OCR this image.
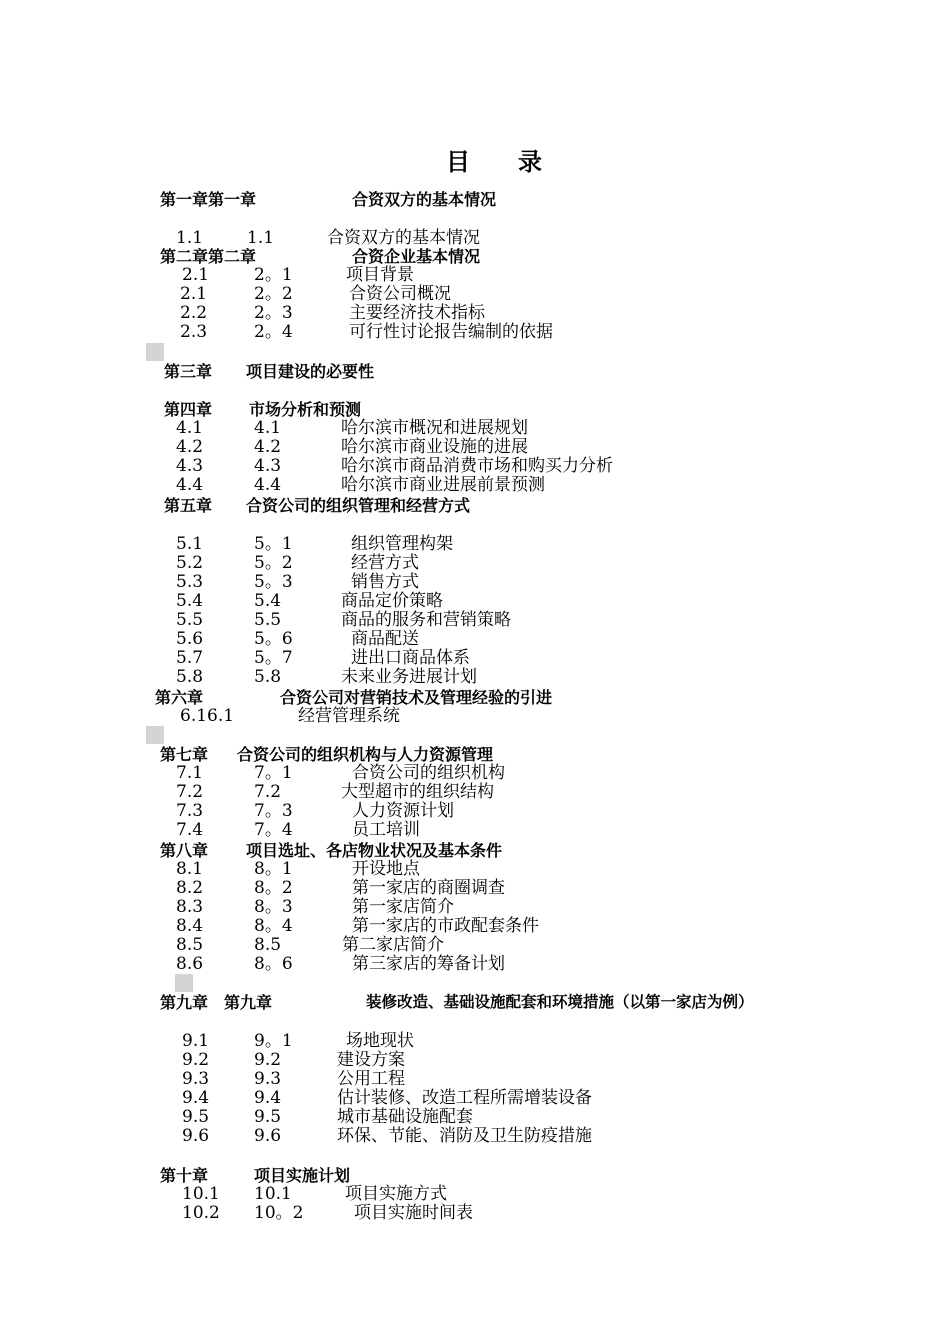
目　　录
第一章第一章	合资双方的基本情况
1.1	1.1	合资双方的基本情况
第二章第二章	合资企业基本情况
2.1	2。1	项目背景
2.1	2。2	合资公司概况
2.2	2。3	主要经济技术指标
2.3	2。4	可行性讨论报告编制的依据
第三章 项目建设的必要性
第四章 市场分析和预测
4.1	4.1	哈尔滨市概况和进展规划
4.2	4.2	哈尔滨市商业设施的进展
4.3	4.3	哈尔滨市商品消费市场和购买力分析
4.4	4.4	哈尔滨市商业进展前景预测
第五章 合资公司的组织管理和经营方式
5.1	5。1	组织管理构架
5.2	5。2	经营方式
5.3	5。3	销售方式
5.4	5.4	商品定价策略
5.5	5.5	商品的服务和营销策略
5.6	5。6	商品配送
5.7	5。7	进出口商品体系
5.8	5.8	未来业务进展计划
第六章	合资公司对营销技术及管理经验的引进
6.16.1	经营管理系统
第七章 合资公司的组织机构与人力资源管理
7.1	7。1	合资公司的组织机构
7.2	7.2	大型超市的组织结构
7.3	7。3	人力资源计划
7.4	7。4	员工培训
第八章 项目选址、各店物业状况及基本条件
8.1	8。1	开设地点
8.2	8。2	第一家店的商圈调查
8.3	8。3	第一家店简介
8.4	8。4	第一家店的市政配套条件
8.5	8.5	第二家店简介
8.6	8。6	第三家店的筹备计划
第九章　第九章	装修改造、基础设施配套和环境措施（以第一家店为例）
9.1	9。1	场地现状
9.2	9.2	建设方案
9.3	9.3	公用工程
9.4	9.4	估计装修、改造工程所需增装设备
9.5	9.5	城市基础设施配套
9.6	9.6	环保、节能、消防及卫生防疫措施
第十章	项目实施计划
10.1 10.1	项目实施方式
10.2 10。2	项目实施时间表
